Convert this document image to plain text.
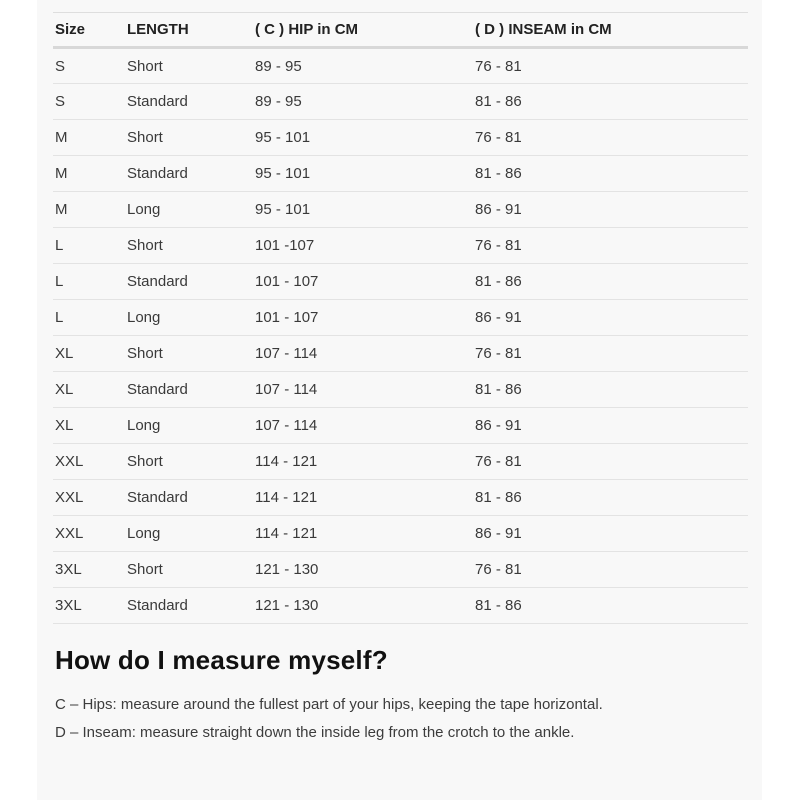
Size	LENGTH	( C ) HIP in CM	( D ) INSEAM in CM
S	Short	89 - 95	76 - 81
S	Standard	89 - 95	81 - 86
M	Short	95 - 101	76 - 81
M	Standard	95 - 101	81 - 86
M	Long	95 - 101	86 - 91
L	Short	101 -107	76 - 81
L	Standard	101 - 107	81 - 86
L	Long	101 - 107	86 - 91
XL	Short	107 - 114	76 - 81
XL	Standard	107 - 114	81 - 86
XL	Long	107 - 114	86 - 91
XXL	Short	114 - 121	76 - 81
XXL	Standard	114 - 121	81 - 86
XXL	Long	114 - 121	86 - 91
3XL	Short	121 - 130	76 - 81
3XL	Standard	121 - 130	81 - 86
How do I measure myself?

C – Hips: measure around the fullest part of your hips, keeping the tape horizontal.

D – Inseam: measure straight down the inside leg from the crotch to the ankle.
